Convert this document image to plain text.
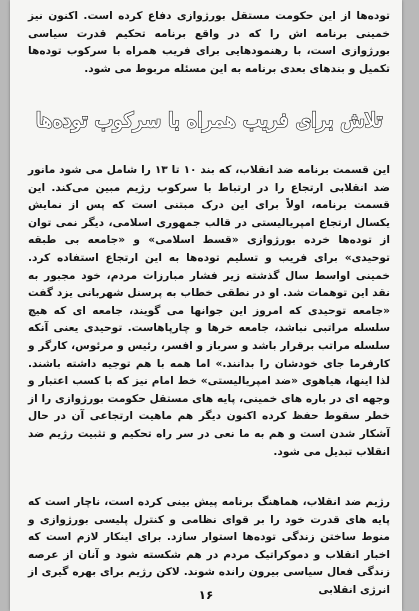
توده‌ها از این حکومت مستقل بورژوازی دفاع کرده است. اکنون نیز خمینی برنامه اش را که در واقع برنامه تحکیم قدرت سیاسی بورژوازی است، با رهنمودهایی برای فریب همراه با سرکوب توده‌ها تکمیل و بندهای بعدی برنامه به این مسئله مربوط می شود.

تلاش برای فریب همراه با سرکوب توده‌ها

این قسمت برنامه ضد انقلاب، که بند ۱۰ تا ۱۳ را شامل می شود مانور ضد انقلابی ارتجاع را در ارتباط با سرکوب رژیم مبین می‌کند. این قسمت برنامه، اولاً برای این درک مبتنی است که پس از نمایش یکسال ارتجاع امپریالیستی در قالب جمهوری اسلامی، دیگر نمی توان از توده‌ها خرده بورژوازی «قسط اسلامی» و «جامعه بی طبقه توحیدی» برای فریب و تسلیم توده‌ها به این ارتجاع استفاده کرد. خمینی اواسط سال گذشته زیر فشار مبارزات مردم، خود مجبور به نقد این توهمات شد. او در نطقی خطاب به پرسنل شهربانی یزد گفت «جامعه توحیدی که امروز این جوانها می گویند، جامعه ای که هیچ سلسله مراتبی نباشد، جامعه خرها و چارپاهاست. توحیدی یعنی آنکه سلسله مراتب برقرار باشد و سرباز و افسر، رئیس و مرئوس، کارگر و کارفرما جای خودشان را بدانند.» اما همه با هم توجیه داشته باشند. لذا اینها، هیاهوی «ضد امپریالیستی» خط امام نیز که با کسب اعتبار و وجهه ای در باره های خمینی، پایه های مستقل حکومت بورژوازی را از خطر سقوط حفظ کرده اکنون دیگر هم ماهیت ارتجاعی آن در حال آشکار شدن است و هم به ما نعی در سر راه تحکیم و تثبیت رژیم ضد انقلاب تبدیل می شود.

رژیم ضد انقلاب، هماهنگ برنامه پیش بینی کرده است، ناچار است که پایه های قدرت خود را بر قوای نظامی و کنترل پلیسی بورژوازی و منوط ساختن زندگی توده‌ها استوار سازد. برای اینکار لازم است که اخبار انقلاب و دموکراتیک مردم در هم شکسته شود و آنان از عرصه زندگی فعال سیاسی بیرون رانده شوند. لاکن رژیم برای بهره گیری از انرژی انقلابی

۱۶
